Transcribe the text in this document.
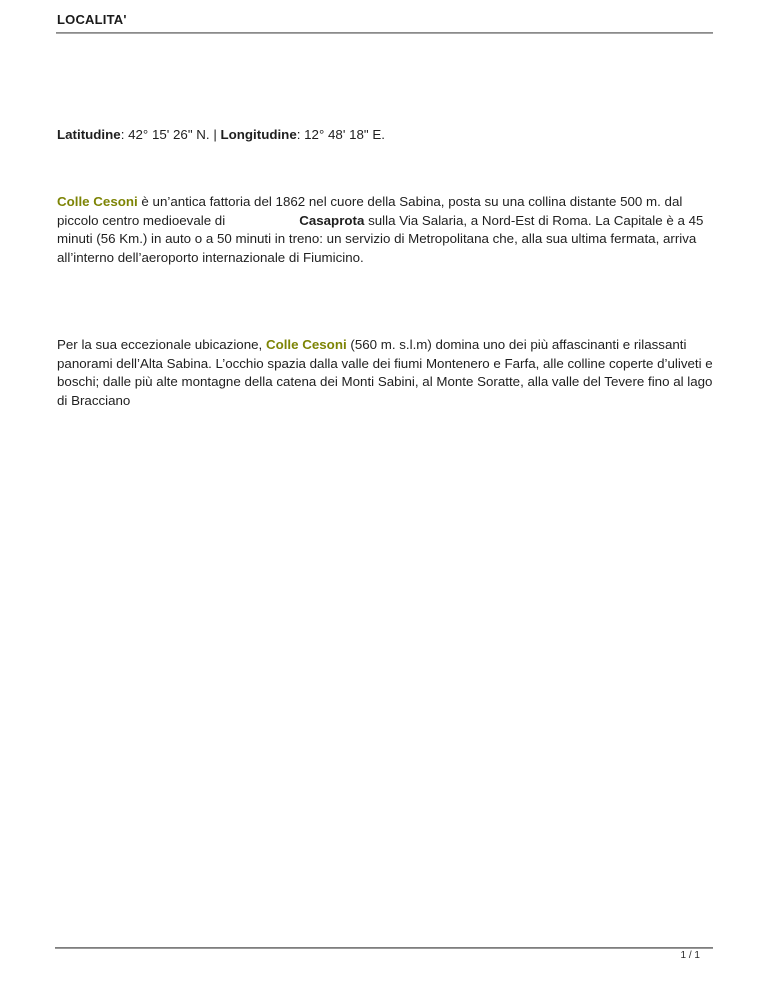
LOCALITA'
Latitudine: 42° 15' 26" N. | Longitudine: 12° 48' 18" E.

Colle Cesoni è un’antica fattoria del 1862 nel cuore della Sabina, posta su una collina distante 500 m. dal piccolo centro medioevale di	Casaprota sulla Via Salaria, a Nord-Est di Roma. La Capitale è a 45 minuti (56 Km.) in auto o a 50 minuti in treno: un servizio di Metropolitana che, alla sua ultima fermata, arriva all’interno dell’aeroporto internazionale di Fiumicino.

Per la sua eccezionale ubicazione, Colle Cesoni (560 m. s.l.m) domina uno dei più affascinanti e rilassanti panorami dell’Alta Sabina. L’occhio spazia dalla valle dei fiumi Montenero e Farfa, alle colline coperte d’uliveti e boschi; dalle più alte montagne della catena dei Monti Sabini, al Monte Soratte, alla valle del Tevere fino al lago di Bracciano

1 / 1
